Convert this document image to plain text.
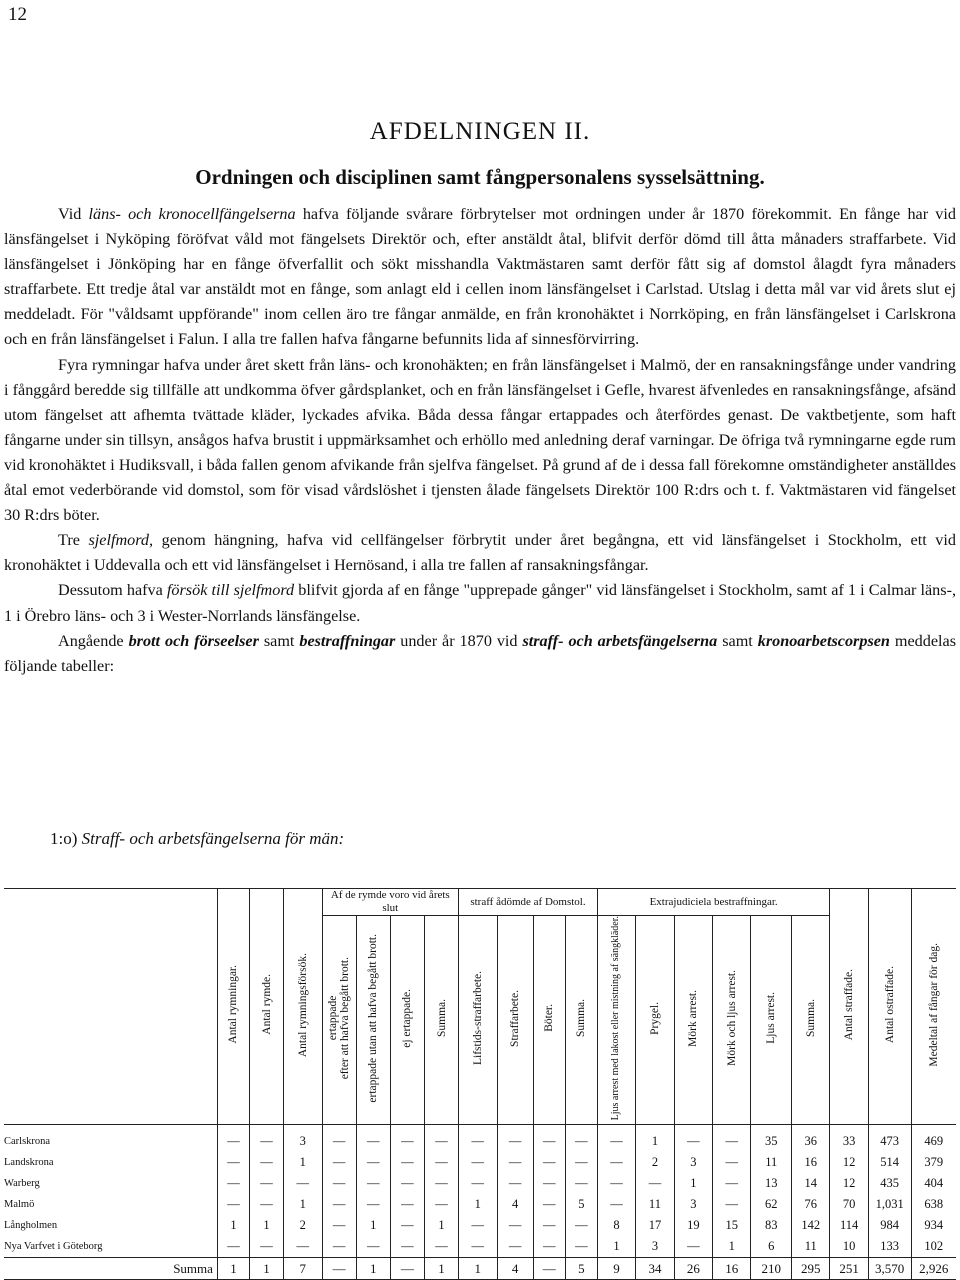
12
AFDELNINGEN II.
Ordningen och disciplinen samt fångpersonalens sysselsättning.

Vid läns- och kronocellfängelserna hafva följande svårare förbrytelser mot ordningen under år 1870 förekommit. En fånge har vid länsfängelset i Nyköping föröfvat våld mot fängelsets Direktör och, efter anstäldt åtal, blifvit derför dömd till åtta månaders straffarbete. Vid länsfängelset i Jönköping har en fånge öfverfallit och sökt misshandla Vaktmästaren samt derför fått sig af domstol ålagdt fyra månaders straffarbete. Ett tredje åtal var anstäldt mot en fånge, som anlagt eld i cellen inom länsfängelset i Carlstad. Utslag i detta mål var vid årets slut ej meddeladt. För "våldsamt uppförande" inom cellen äro tre fångar anmälde, en från kronohäktet i Norrköping, en från länsfängelset i Carlskrona och en från länsfängelset i Falun. I alla tre fallen hafva fångarne befunnits lida af sinnesförvirring.

Fyra rymningar hafva under året skett från läns- och kronohäkten; en från länsfängelset i Malmö, der en ransakningsfånge under vandring i fånggård beredde sig tillfälle att undkomma öfver gårdsplanket, och en från länsfängelset i Gefle, hvarest äfvenledes en ransakningsfånge, afsänd utom fängelset att afhemta tvättade kläder, lyckades afvika. Båda dessa fångar ertappades och återfördes genast. De vaktbetjente, som haft fångarne under sin tillsyn, ansågos hafva brustit i uppmärksamhet och erhöllo med anledning deraf varningar. De öfriga två rymningarne egde rum vid kronohäktet i Hudiksvall, i båda fallen genom afvikande från sjelfva fängelset. På grund af de i dessa fall förekomne omständigheter anställdes åtal emot vederbörande vid domstol, som för visad vårdslöshet i tjensten ålade fängelsets Direktör 100 R:drs och t. f. Vaktmästaren vid fängelset 30 R:drs böter.

Tre sjelfmord, genom hängning, hafva vid cellfängelser förbrytit under året begångna, ett vid länsfängelset i Stockholm, ett vid kronohäktet i Uddevalla och ett vid länsfängelset i Hernösand, i alla tre fallen af ransakningsfångar.

Dessutom hafva försök till sjelfmord blifvit gjorda af en fånge "upprepade gånger" vid länsfängelset i Stockholm, samt af 1 i Calmar läns-, 1 i Örebro läns- och 3 i Wester-Norrlands länsfängelse.

Angående brott och förseelser samt bestraffningar under år 1870 vid straff- och arbetsfängelserna samt kronoarbetscorpsen meddelas följande tabeller:

1:o) Straff- och arbetsfängelserna för män:
	Antal rymningar.	Antal rymde.	Antal rymningsförsök.	Af de rymde voro vid årets slut				straff ådömde af Domstol.				Extrajudiciela bestraffningar.						Antal straffade.	Antal ostraffade.	Medeltal af fångar för dag.
				ertappade
efter att hafva begått brott.	ertappade utan att hafva begått brott.	ej ertappade.	Summa.	Lifstids-straffarbete.	Straffarbete.	Böter.	Summa.	Ljus arrest med lakost eller mistning af sängkläder.	Prygel.	Mörk arrest.	Mörk och ljus arrest.	Ljus arrest.	Summa.			
Carlskrona	—	—	3	—	—	—	—	—	—	—	—	—	1	—	—	35	36	33	473	469
Landskrona	—	—	1	—	—	—	—	—	—	—	—	—	2	3	—	11	16	12	514	379
Warberg	—	—	—	—	—	—	—	—	—	—	—	—	—	1	—	13	14	12	435	404
Malmö	—	—	1	—	—	—	—	1	4	—	5	—	11	3	—	62	76	70	1,031	638
Långholmen	1	1	2	—	1	—	1	—	—	—	—	8	17	19	15	83	142	114	984	934
Nya Varfvet i Göteborg	—	—	—	—	—	—	—	—	—	—	—	1	3	—	1	6	11	10	133	102
Summa	1	1	7	—	1	—	1	1	4	—	5	9	34	26	16	210	295	251	3,570	2,926
